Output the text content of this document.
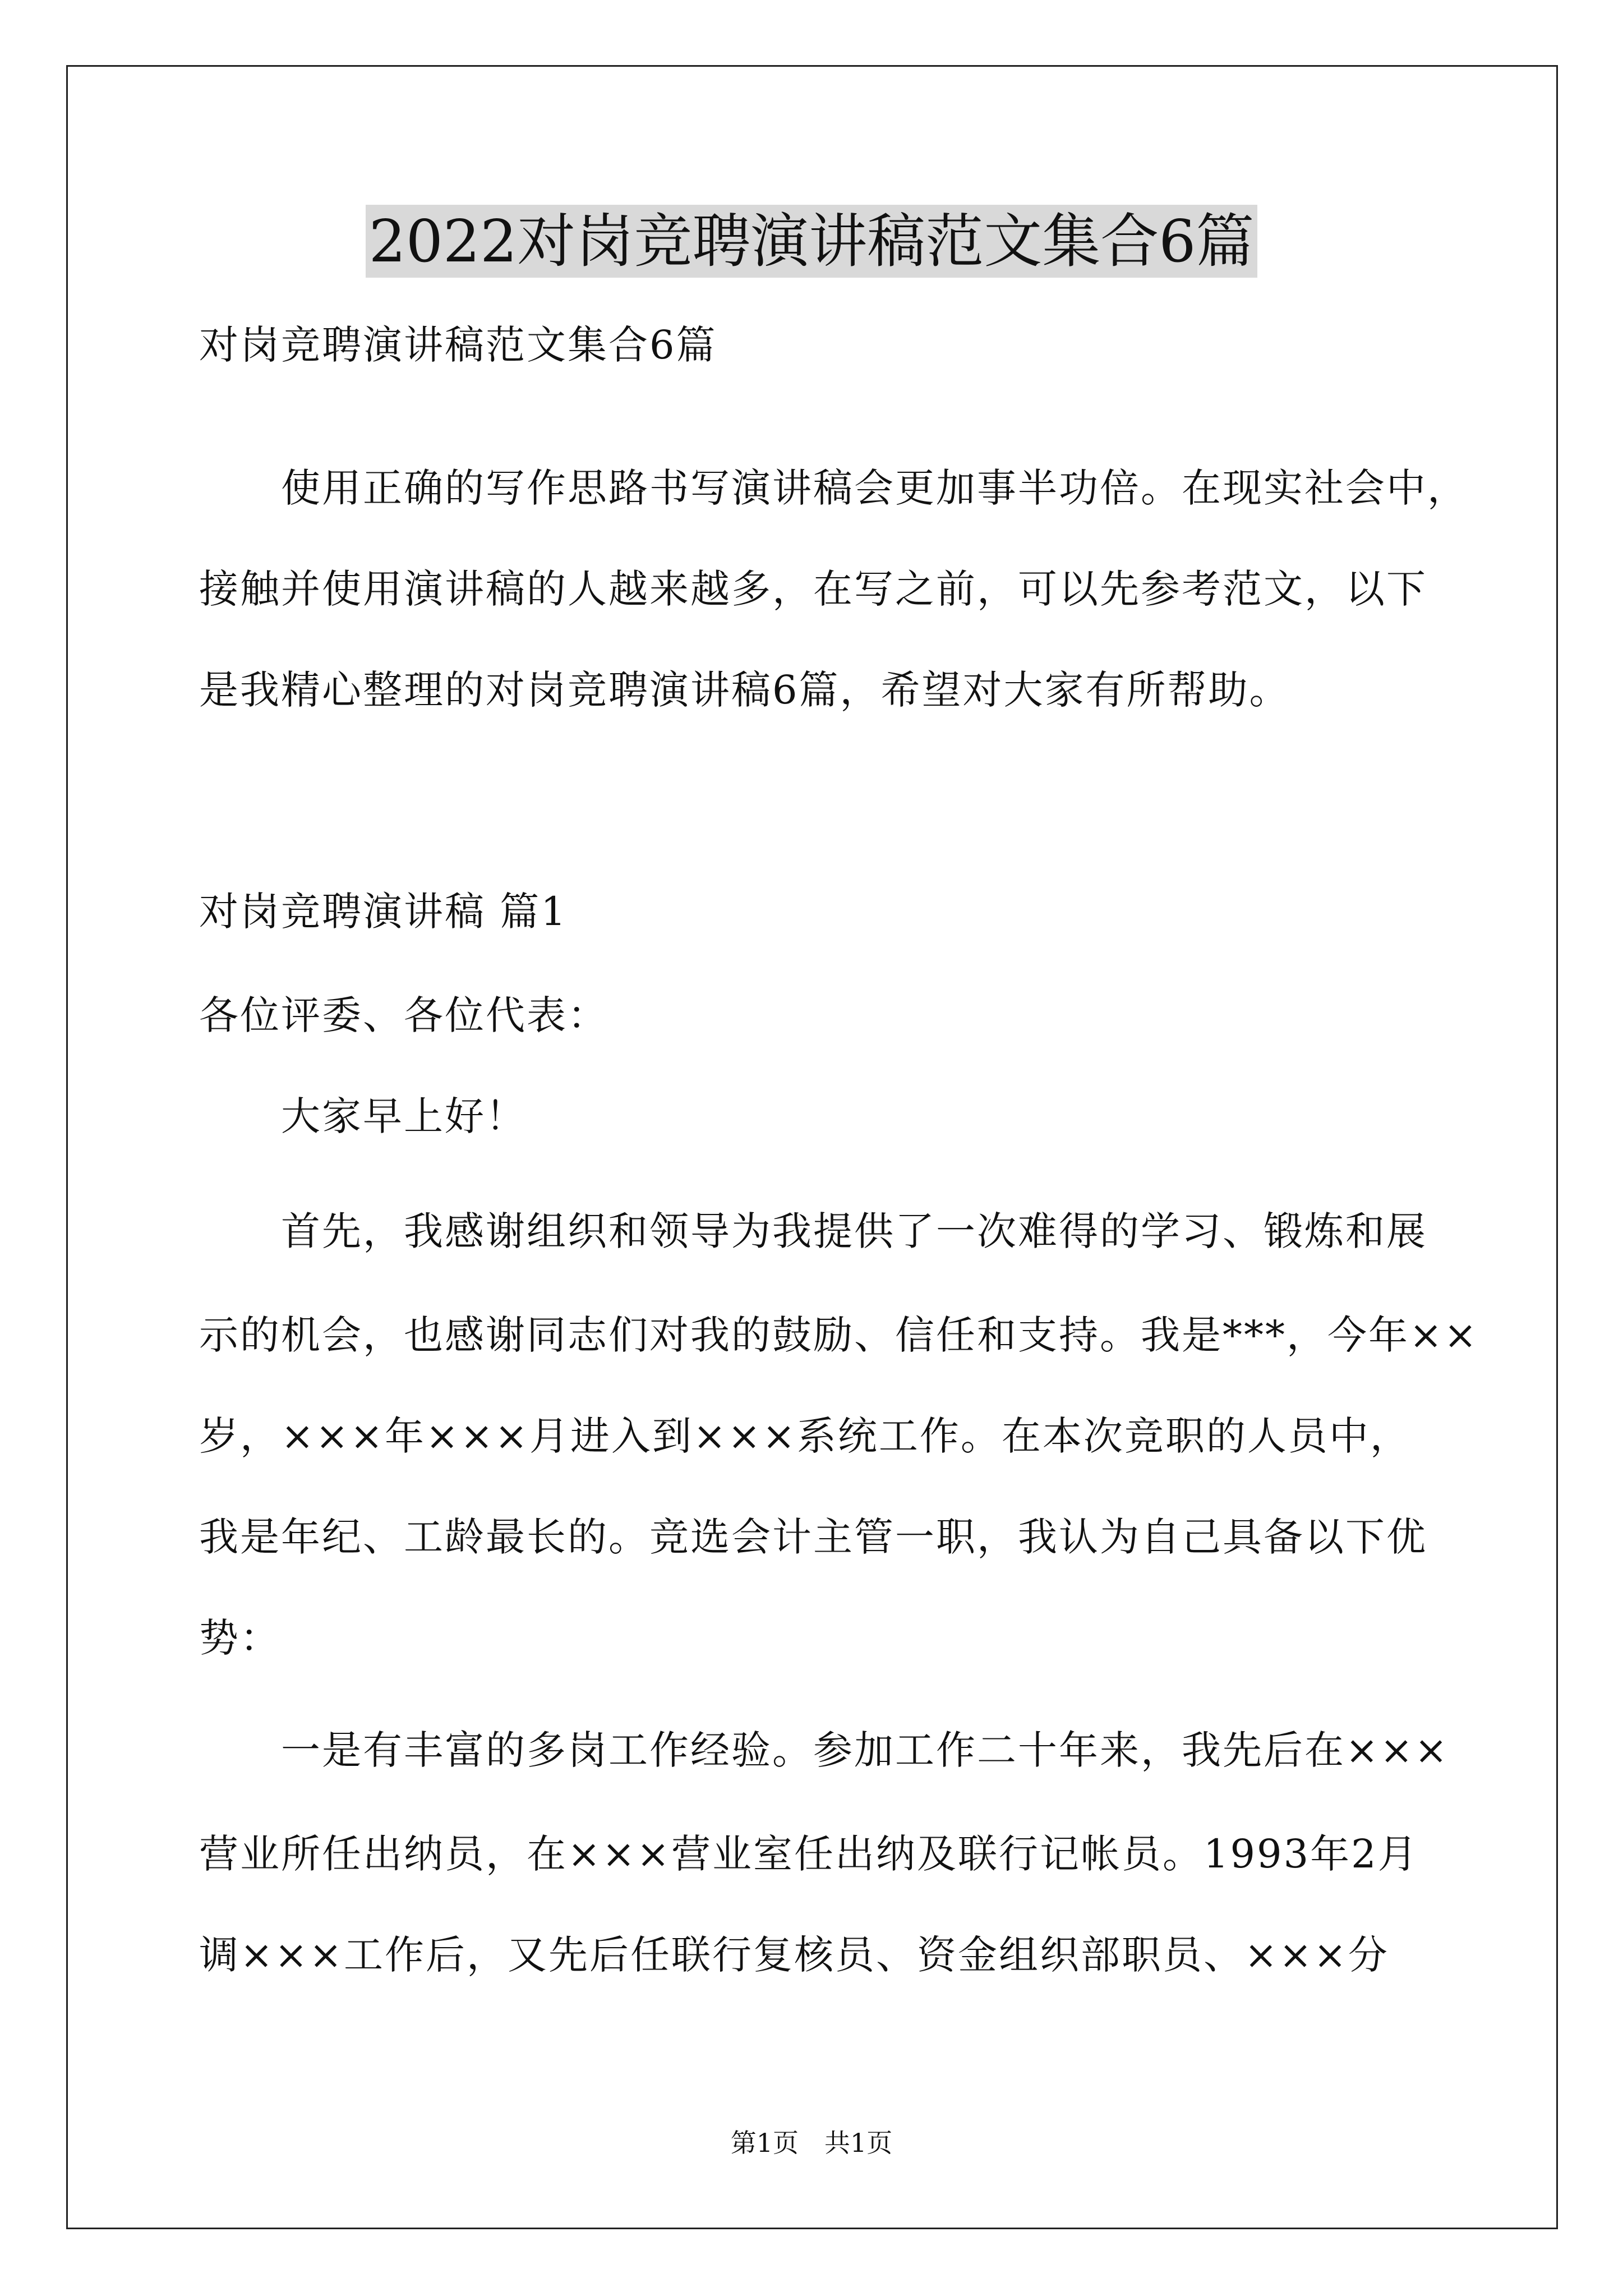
2022对岗竞聘演讲稿范文集合6篇

对岗竞聘演讲稿范文集合6篇

　　使用正确的写作思路书写演讲稿会更加事半功倍。在现实社会中，

接触并使用演讲稿的人越来越多，在写之前，可以先参考范文，以下

是我精心整理的对岗竞聘演讲稿6篇，希望对大家有所帮助。

对岗竞聘演讲稿 篇1

各位评委、各位代表：

　　大家早上好！

　　首先，我感谢组织和领导为我提供了一次难得的学习、锻炼和展

示的机会，也感谢同志们对我的鼓励、信任和支持。我是***，今年××

岁，×××年×××月进入到×××系统工作。在本次竞职的人员中，

我是年纪、工龄最长的。竞选会计主管一职，我认为自己具备以下优

势：

　　一是有丰富的多岗工作经验。参加工作二十年来，我先后在×××

营业所任出纳员，在×××营业室任出纳及联行记帐员。1993年2月

调×××工作后，又先后任联行复核员、资金组织部职员、×××分

第1页　共1页
